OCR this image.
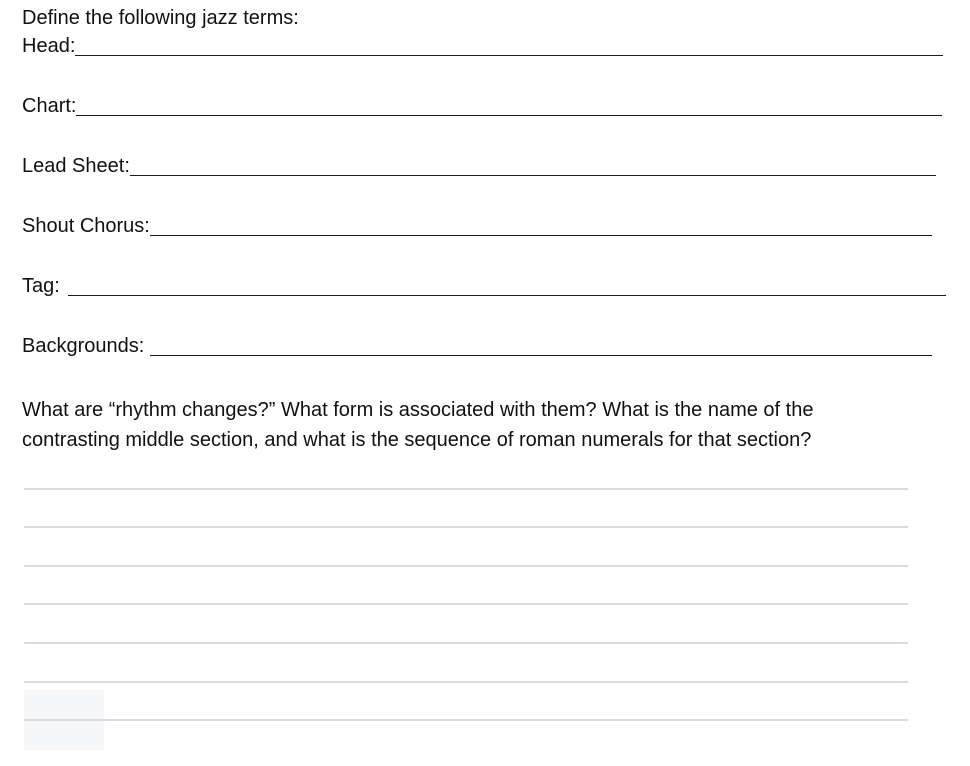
Define the following jazz terms:
Head:
Chart:
Lead Sheet:
Shout Chorus:
Tag:
Backgrounds:

What are “rhythm changes?” What form is associated with them? What is the name of the

contrasting middle section, and what is the sequence of roman numerals for that section?
